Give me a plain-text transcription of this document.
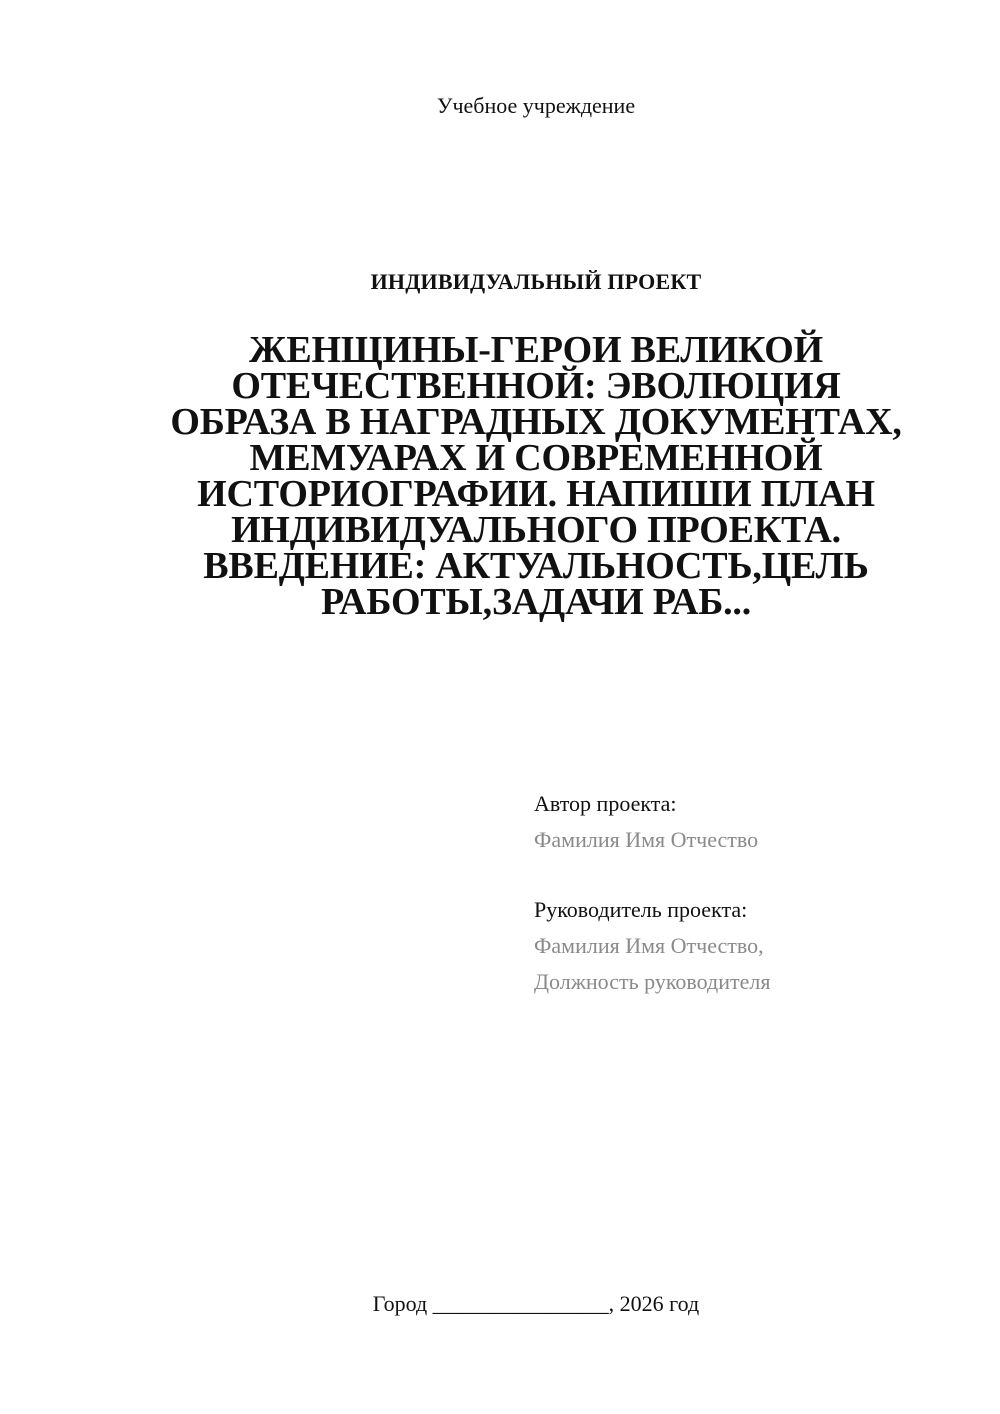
Учебное учреждение
ИНДИВИДУАЛЬНЫЙ ПРОЕКТ
ЖЕНЩИНЫ-ГЕРОИ ВЕЛИКОЙ
ОТЕЧЕСТВЕННОЙ: ЭВОЛЮЦИЯ
ОБРАЗА В НАГРАДНЫХ ДОКУМЕНТАХ,
МЕМУАРАХ И СОВРЕМЕННОЙ
ИСТОРИОГРАФИИ. НАПИШИ ПЛАН
ИНДИВИДУАЛЬНОГО ПРОЕКТА.
ВВЕДЕНИЕ: АКТУАЛЬНОСТЬ,ЦЕЛЬ
РАБОТЫ,ЗАДАЧИ РАБ...
Автор проекта:
Фамилия Имя Отчество
Руководитель проекта:
Фамилия Имя Отчество,
Должность руководителя
Город ________________, 2026 год
